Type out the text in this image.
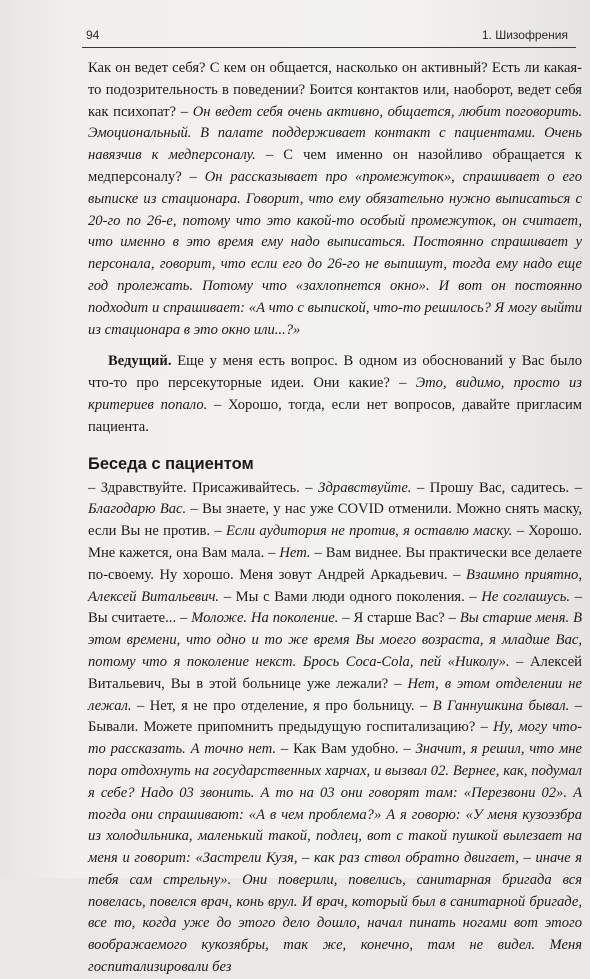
94	1. Шизофрения

Как он ведет себя? С кем он общается, насколько он активный? Есть ли какая-то подозрительность в поведении? Боится контактов или, наоборот, ведет себя как психопат? – Он ведет себя очень активно, общается, любит поговорить. Эмоциональный. В палате поддерживает контакт с пациентами. Очень навязчив к медперсоналу. – С чем именно он назойливо обращается к медперсоналу? – Он рассказывает про «промежуток», спрашивает о его выписке из стационара. Говорит, что ему обязательно нужно выписаться с 20-го по 26-е, потому что это какой-то особый промежуток, он считает, что именно в это время ему надо выписаться. Постоянно спрашивает у персонала, говорит, что если его до 26-го не выпишут, тогда ему надо еще год пролежать. Потому что «захлопнется окно». И вот он постоянно подходит и спрашивает: «А что с выпиской, что-то решилось? Я могу выйти из стационара в это окно или...?»

Ведущий. Еще у меня есть вопрос. В одном из обоснований у Вас было что-то про персекуторные идеи. Они какие? – Это, видимо, просто из критериев попало. – Хорошо, тогда, если нет вопросов, давайте пригласим пациента.

Беседа с пациентом

– Здравствуйте. Присаживайтесь. – Здравствуйте. – Прошу Вас, садитесь. – Благодарю Вас. – Вы знаете, у нас уже COVID отменили. Можно снять маску, если Вы не против. – Если аудитория не против, я оставлю маску. – Хорошо. Мне кажется, она Вам мала. – Нет. – Вам виднее. Вы практически все делаете по-своему. Ну хорошо. Меня зовут Андрей Аркадьевич. – Взаимно приятно, Алексей Витальевич. – Мы с Вами люди одного поколения. – Не соглашусь. – Вы считаете... – Моложе. На поколение. – Я старше Вас? – Вы старше меня. В этом времени, что одно и то же время Вы моего возраста, я младше Вас, потому что я поколение некст. Брось Coca-Cola, пей «Николу». – Алексей Витальевич, Вы в этой больнице уже лежали? – Нет, в этом отделении не лежал. – Нет, я не про отделение, я про больницу. – В Ганнушкина бывал. – Бывали. Можете припомнить предыдущую госпитализацию? – Ну, могу что-то рассказать. А точно нет. – Как Вам удобно. – Значит, я решил, что мне пора отдохнуть на государственных харчах, и вызвал 02. Вернее, как, подумал я себе? Надо 03 звонить. А то на 03 они говорят там: «Перезвони 02». А тогда они спрашивают: «А в чем проблема?» А я говорю: «У меня кузоэзбра из холодильника, маленький такой, подлец, вот с такой пушкой вылезает на меня и говорит: «Застрели Кузя, – как раз ствол обратно двигает, – иначе я тебя сам стрельну». Они поверили, повелись, санитарная бригада вся повелась, повелся врач, конь врул. И врач, который был в санитарной бригаде, все то, когда уже до этого дело дошло, начал пинать ногами вот этого воображаемого кукозябры, так же, конечно, там не видел. Меня госпитализировали без
